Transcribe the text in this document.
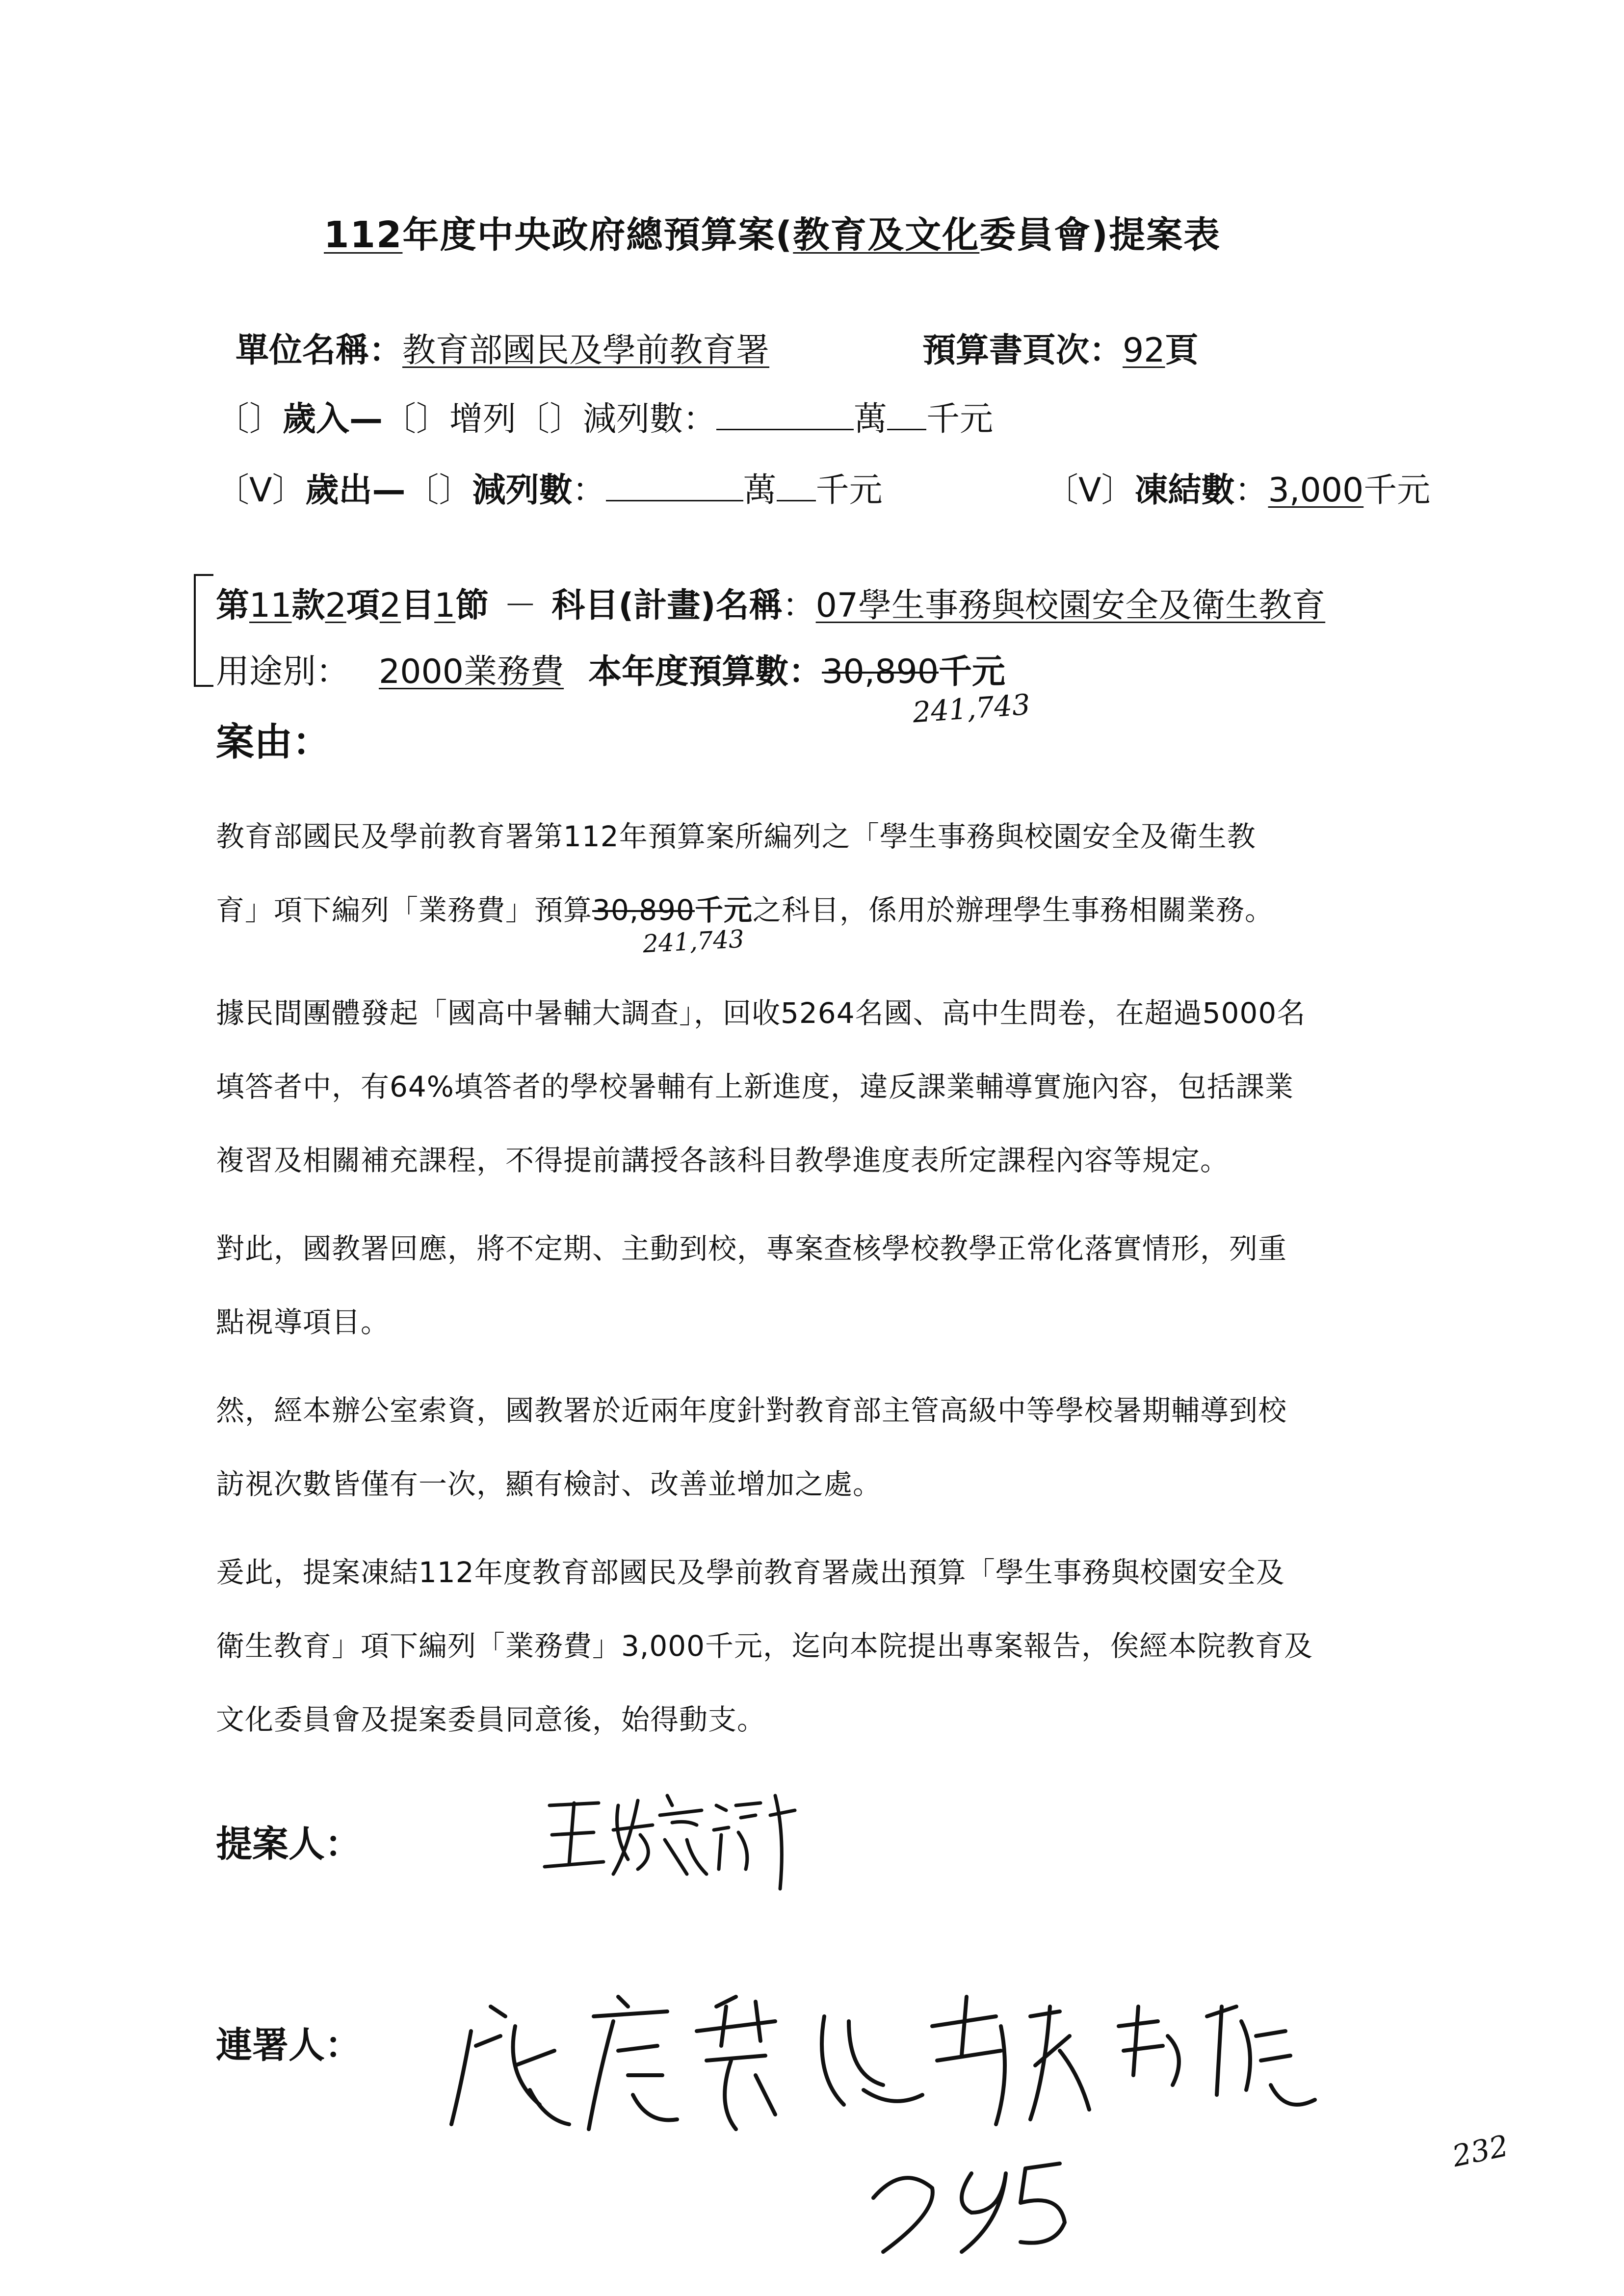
112年度中央政府總預算案(教育及文化委員會)提案表
單位名稱：教育部國民及學前教育署	預算書頁次：92頁
〔〕歲入—〔〕增列〔〕減列數：	萬 千元
〔V〕歲出—〔〕減列數：	萬 千元	〔V〕凍結數：3,000千元
第11款2項2目1節 － 科目(計畫)名稱：07學生事務與校園安全及衛生教育
用途別： 2000業務費 本年度預算數：30,890千元
241,743
案由：
教育部國民及學前教育署第112年預算案所編列之「學生事務與校園安全及衛生教
育」項下編列「業務費」預算30,890千元之科目，係用於辦理學生事務相關業務。
241,743
據民間團體發起「國高中暑輔大調查」，回收5264名國、高中生問卷，在超過5000名
填答者中，有64%填答者的學校暑輔有上新進度，違反課業輔導實施內容，包括課業
複習及相關補充課程，不得提前講授各該科目教學進度表所定課程內容等規定。
對此，國教署回應，將不定期、主動到校，專案查核學校教學正常化落實情形，列重
點視導項目。
然，經本辦公室索資，國教署於近兩年度針對教育部主管高級中等學校暑期輔導到校
訪視次數皆僅有一次，顯有檢討、改善並增加之處。
爰此，提案凍結112年度教育部國民及學前教育署歲出預算「學生事務與校園安全及
衛生教育」項下編列「業務費」3,000千元，迄向本院提出專案報告，俟經本院教育及
文化委員會及提案委員同意後，始得動支。
提案人：
連署人：
232
